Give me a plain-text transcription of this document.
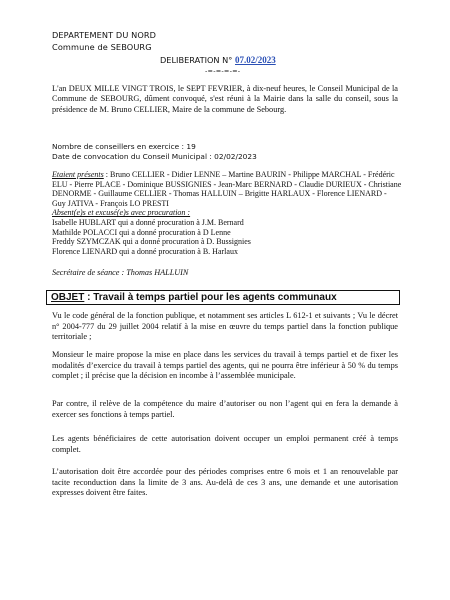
DEPARTEMENT DU NORD
Commune de SEBOURG
DELIBERATION N° 07.02/2023
-=-=-=-=-
L'an DEUX MILLE VINGT TROIS, le SEPT FEVRIER, à dix-neuf heures, le Conseil Municipal de la Commune de SEBOURG, dûment convoqué, s'est réuni à la Mairie dans la salle du conseil, sous la présidence de M. Bruno CELLIER, Maire de la commune de Sebourg.
Nombre de conseillers en exercice : 19
Date de convocation du Conseil Municipal : 02/02/2023
Etaient présents : Bruno CELLIER - Didier LENNE – Martine BAURIN - Philippe MARCHAL - Frédéric ELU - Pierre PLACE - Dominique BUSSIGNIES - Jean-Marc BERNARD - Claudie DURIEUX - Christiane DENORME - Guillaume CELLIER - Thomas HALLUIN – Brigitte HARLAUX - Florence LIENARD - Guy JATIVA - François LO PRESTI
Absent(e)s et excusé(e)s avec procuration :
Isabelle HUBLART qui a donné procuration à J.M. Bernard
Mathilde POLACCI qui a donné procuration à D Lenne
Freddy SZYMCZAK qui a donné procuration à D. Bussignies
Florence LIENARD qui a donné procuration à B. Harlaux
Secrétaire de séance : Thomas HALLUIN
OBJET : Travail à temps partiel pour les agents communaux
Vu le code général de la fonction publique, et notamment ses articles L 612-1 et suivants ; Vu le décret n° 2004-777 du 29 juillet 2004 relatif à la mise en œuvre du temps partiel dans la fonction publique territoriale ;
Monsieur le maire propose la mise en place dans les services du travail à temps partiel et de fixer les modalités d’exercice du travail à temps partiel des agents, qui ne pourra être inférieur à 50 % du temps complet ; il précise que la décision en incombe à l’assemblée municipale.
Par contre, il relève de la compétence du maire d’autoriser ou non l’agent qui en fera la demande à exercer ses fonctions à temps partiel.
Les agents bénéficiaires de cette autorisation doivent occuper un emploi permanent créé à temps complet.
L’autorisation doit être accordée pour des périodes comprises entre 6 mois et 1 an renouvelable par tacite reconduction dans la limite de 3 ans. Au-delà de ces 3 ans, une demande et une autorisation expresses doivent être faites.
